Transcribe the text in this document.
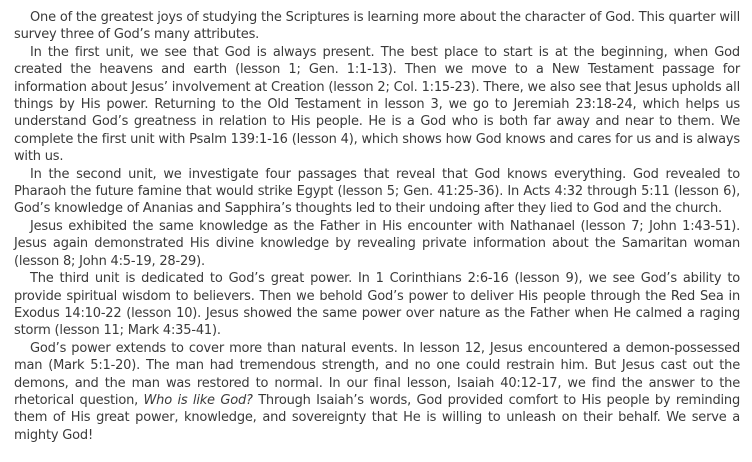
One of the greatest joys of studying the Scriptures is learning more about the character of God. This quarter will survey three of God’s many attributes.

In the first unit, we see that God is always present. The best place to start is at the beginning, when God created the heavens and earth (lesson 1; Gen. 1:1-13). Then we move to a New Testament passage for information about Jesus’ involvement at Creation (lesson 2; Col. 1:15-23). There, we also see that Jesus upholds all things by His power. Returning to the Old Testament in lesson 3, we go to Jeremiah 23:18-24, which helps us understand God’s greatness in relation to His people. He is a God who is both far away and near to them. We complete the first unit with Psalm 139:1-16 (lesson 4), which shows how God knows and cares for us and is always with us.

In the second unit, we investigate four passages that reveal that God knows everything. God revealed to Pharaoh the future famine that would strike Egypt (lesson 5; Gen. 41:25-36). In Acts 4:32 through 5:11 (lesson 6), God’s knowledge of Ananias and Sapphira’s thoughts led to their undoing after they lied to God and the church.

Jesus exhibited the same knowledge as the Father in His encounter with Nathanael (lesson 7; John 1:43-51). Jesus again demonstrated His divine knowledge by revealing private information about the Samaritan woman (lesson 8; John 4:5-19, 28-29).

The third unit is dedicated to God’s great power. In 1 Corinthians 2:6-16 (lesson 9), we see God’s ability to provide spiritual wisdom to believers. Then we behold God’s power to deliver His people through the Red Sea in Exodus 14:10-22 (lesson 10). Jesus showed the same power over nature as the Father when He calmed a raging storm (lesson 11; Mark 4:35-41).

God’s power extends to cover more than natural events. In lesson 12, Jesus encountered a demon-possessed man (Mark 5:1-20). The man had tremendous strength, and no one could restrain him. But Jesus cast out the demons, and the man was restored to normal. In our final lesson, Isaiah 40:12-17, we find the answer to the rhetorical question, Who is like God? Through Isaiah’s words, God provided comfort to His people by reminding them of His great power, knowledge, and sovereignty that He is willing to unleash on their behalf. We serve a mighty God!
